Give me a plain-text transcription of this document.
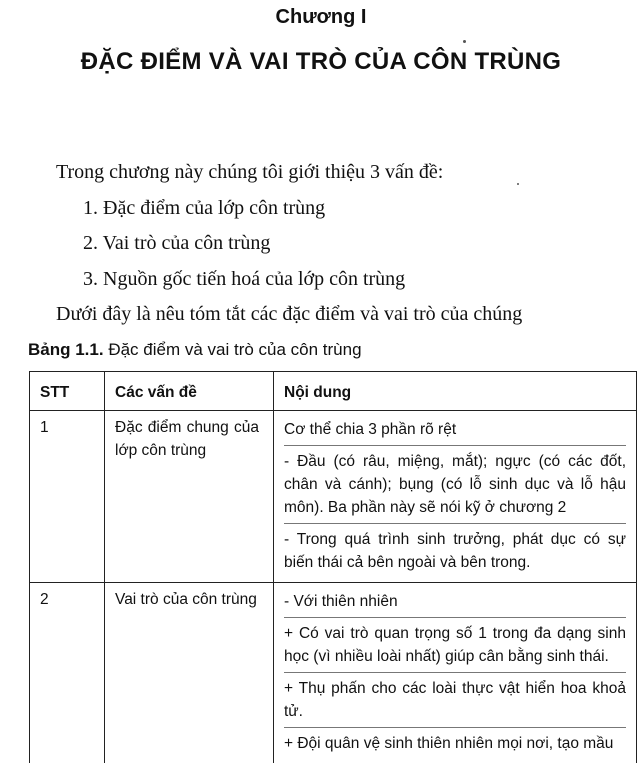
Chương I
ĐẶC ĐIỂM VÀ VAI TRÒ CỦA CÔN TRÙNG
Trong chương này chúng tôi giới thiệu 3 vấn đề:
1. Đặc điểm của lớp côn trùng
2. Vai trò của côn trùng
3. Nguồn gốc tiến hoá của lớp côn trùng
Dưới đây là nêu tóm tắt các đặc điểm và vai trò của chúng
Bảng 1.1. Đặc điểm và vai trò của côn trùng
STT	Các vấn đề	Nội dung
1	Đặc điểm chung của lớp côn trùng	Cơ thể chia 3 phần rõ rệt
- Đầu (có râu, miệng, mắt); ngực (có các đốt, chân và cánh); bụng (có lỗ sinh dục và lỗ hậu môn). Ba phần này sẽ nói kỹ ở chương 2
- Trong quá trình sinh trưởng, phát dục có sự biến thái cả bên ngoài và bên trong.

2	Vai trò của côn trùng	- Với thiên nhiên
+ Có vai trò quan trọng số 1 trong đa dạng sinh học (vì nhiều loài nhất) giúp cân bằng sinh thái.
+ Thụ phấn cho các loài thực vật hiển hoa khoả tử.
+ Đội quân vệ sinh thiên nhiên mọi nơi, tạo mầu
